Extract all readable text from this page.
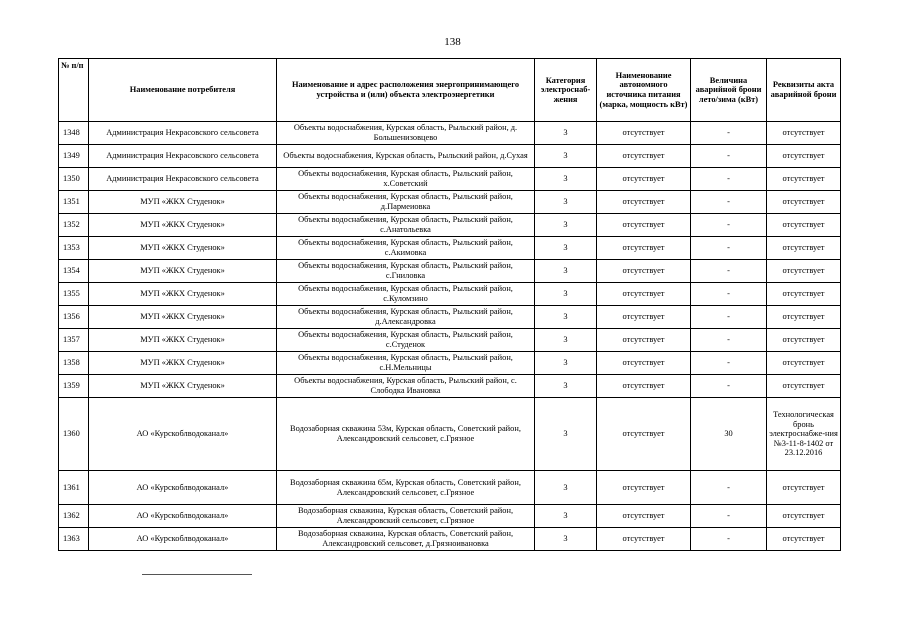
138
№ п/п	Наименование потребителя	Наименование и адрес расположения энергопринимающего устройства и (или) объекта электроэнергетики	Категория электроснаб-жения	Наименование автономного источника питания (марка, мощность кВт)	Величина аварийной брони лето/зима (кВт)	Реквизиты акта аварийной брони
1348	Администрация Некрасовского сельсовета	Объекты водоснабжения, Курская область, Рыльский район, д. Большенизовцево	3	отсутствует	-	отсутствует
1349	Администрация Некрасовского сельсовета	Объекты водоснабжения, Курская область, Рыльский район, д.Сухая	3	отсутствует	-	отсутствует
1350	Администрация Некрасовского сельсовета	Объекты водоснабжения, Курская область, Рыльский район, х.Советский	3	отсутствует	-	отсутствует
1351	МУП «ЖКХ Студенок»	Объекты водоснабжения, Курская область, Рыльский район, д.Пармеиовка	3	отсутствует	-	отсутствует
1352	МУП «ЖКХ Студенок»	Объекты водоснабжения, Курская область, Рыльский район, с.Анатольевка	3	отсутствует	-	отсутствует
1353	МУП «ЖКХ Студенок»	Объекты водоснабжения, Курская область, Рыльский район, с.Акимовка	3	отсутствует	-	отсутствует
1354	МУП «ЖКХ Студенок»	Объекты водоснабжения, Курская область, Рыльский район, с.Гниловка	3	отсутствует	-	отсутствует
1355	МУП «ЖКХ Студенок»	Объекты водоснабжения, Курская область, Рыльский район, с.Куломзино	3	отсутствует	-	отсутствует
1356	МУП «ЖКХ Студенок»	Объекты водоснабжения, Курская область, Рыльский район, д.Александровка	3	отсутствует	-	отсутствует
1357	МУП «ЖКХ Студенок»	Объекты водоснабжения, Курская область, Рыльский район, с.Студенок	3	отсутствует	-	отсутствует
1358	МУП «ЖКХ Студенок»	Объекты водоснабжения, Курская область, Рыльский район, с.Н.Мельницы	3	отсутствует	-	отсутствует
1359	МУП «ЖКХ Студенок»	Объекты водоснабжения, Курская область, Рыльский район, с. Слободка Ивановка	3	отсутствует	-	отсутствует
1360	АО «Курскоблводоканал»	Водозаборная скважина 53м, Курская область, Советский район, Александровский сельсовет, с.Грязное	3	отсутствует	30	Технологическая бронь электроснабже-ния №3-11-8-1402 от 23.12.2016
1361	АО «Курскоблводоканал»	Водозаборная скважина 65м, Курская область, Советский район, Александровский сельсовет, с.Грязное	3	отсутствует	-	отсутствует
1362	АО «Курскоблводоканал»	Водозаборная скважина, Курская область, Советский район, Александровский сельсовет, с.Грязное	3	отсутствует	-	отсутствует
1363	АО «Курскоблводоканал»	Водозаборная скважина, Курская область, Советский район, Александровский сельсовет, д.Грязноивановка	3	отсутствует	-	отсутствует
